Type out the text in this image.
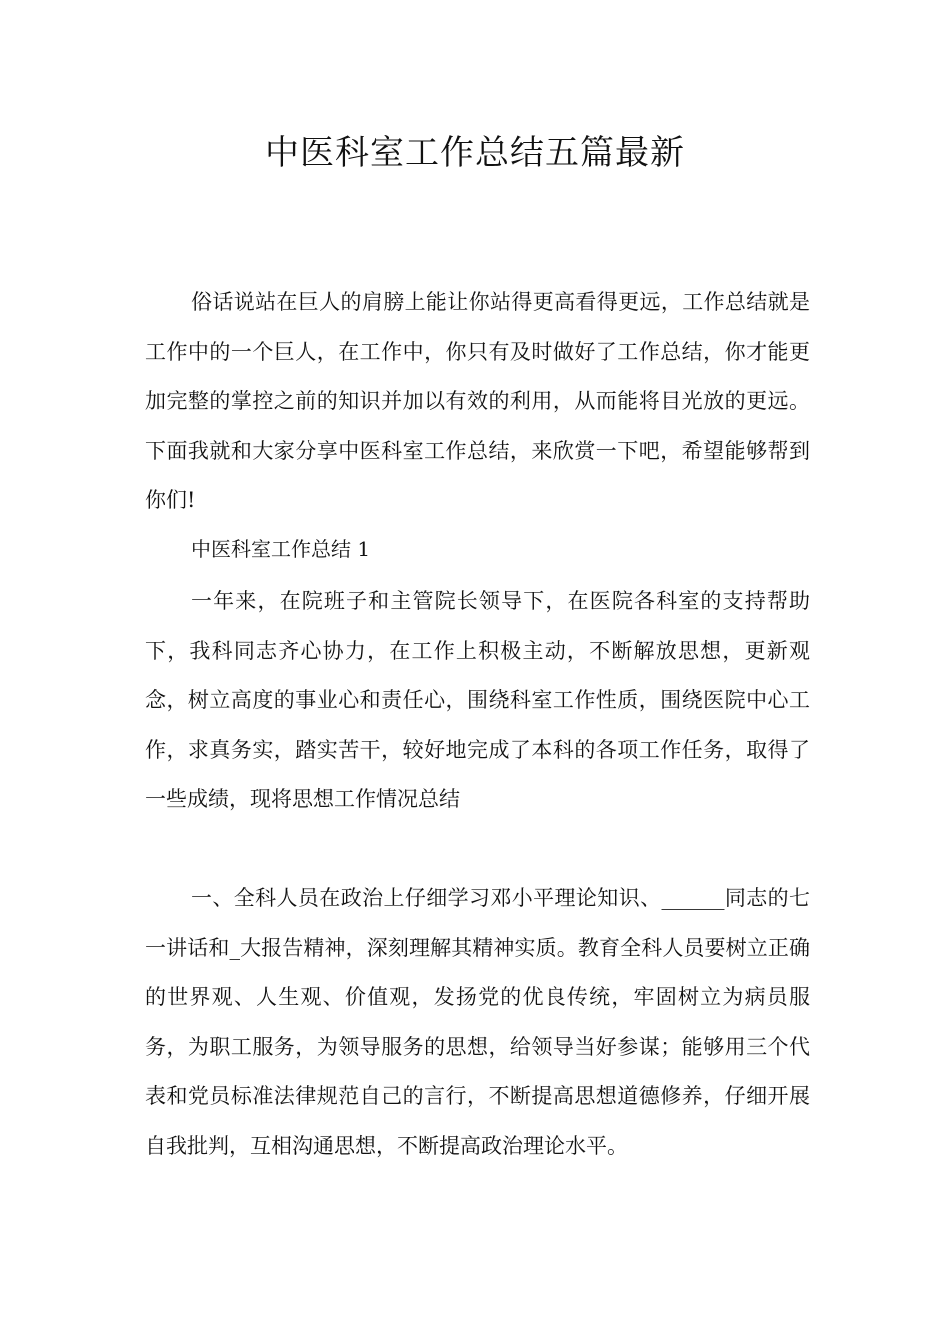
中医科室工作总结五篇最新

俗话说站在巨人的肩膀上能让你站得更高看得更远，工作总结就是工作中的一个巨人，在工作中，你只有及时做好了工作总结，你才能更加完整的掌控之前的知识并加以有效的利用，从而能将目光放的更远。下面我就和大家分享中医科室工作总结，来欣赏一下吧，希望能够帮到你们!

中医科室工作总结 1

一年来，在院班子和主管院长领导下，在医院各科室的支持帮助下，我科同志齐心协力，在工作上积极主动，不断解放思想，更新观念，树立高度的事业心和责任心，围绕科室工作性质，围绕医院中心工作，求真务实，踏实苦干，较好地完成了本科的各项工作任务，取得了一些成绩，现将思想工作情况总结

一、全科人员在政治上仔细学习邓小平理论知识、______同志的七一讲话和_大报告精神，深刻理解其精神实质。教育全科人员要树立正确的世界观、人生观、价值观，发扬党的优良传统，牢固树立为病员服务，为职工服务，为领导服务的思想，给领导当好参谋；能够用三个代表和党员标准法律规范自己的言行，不断提高思想道德修养，仔细开展自我批判，互相沟通思想，不断提高政治理论水平。
